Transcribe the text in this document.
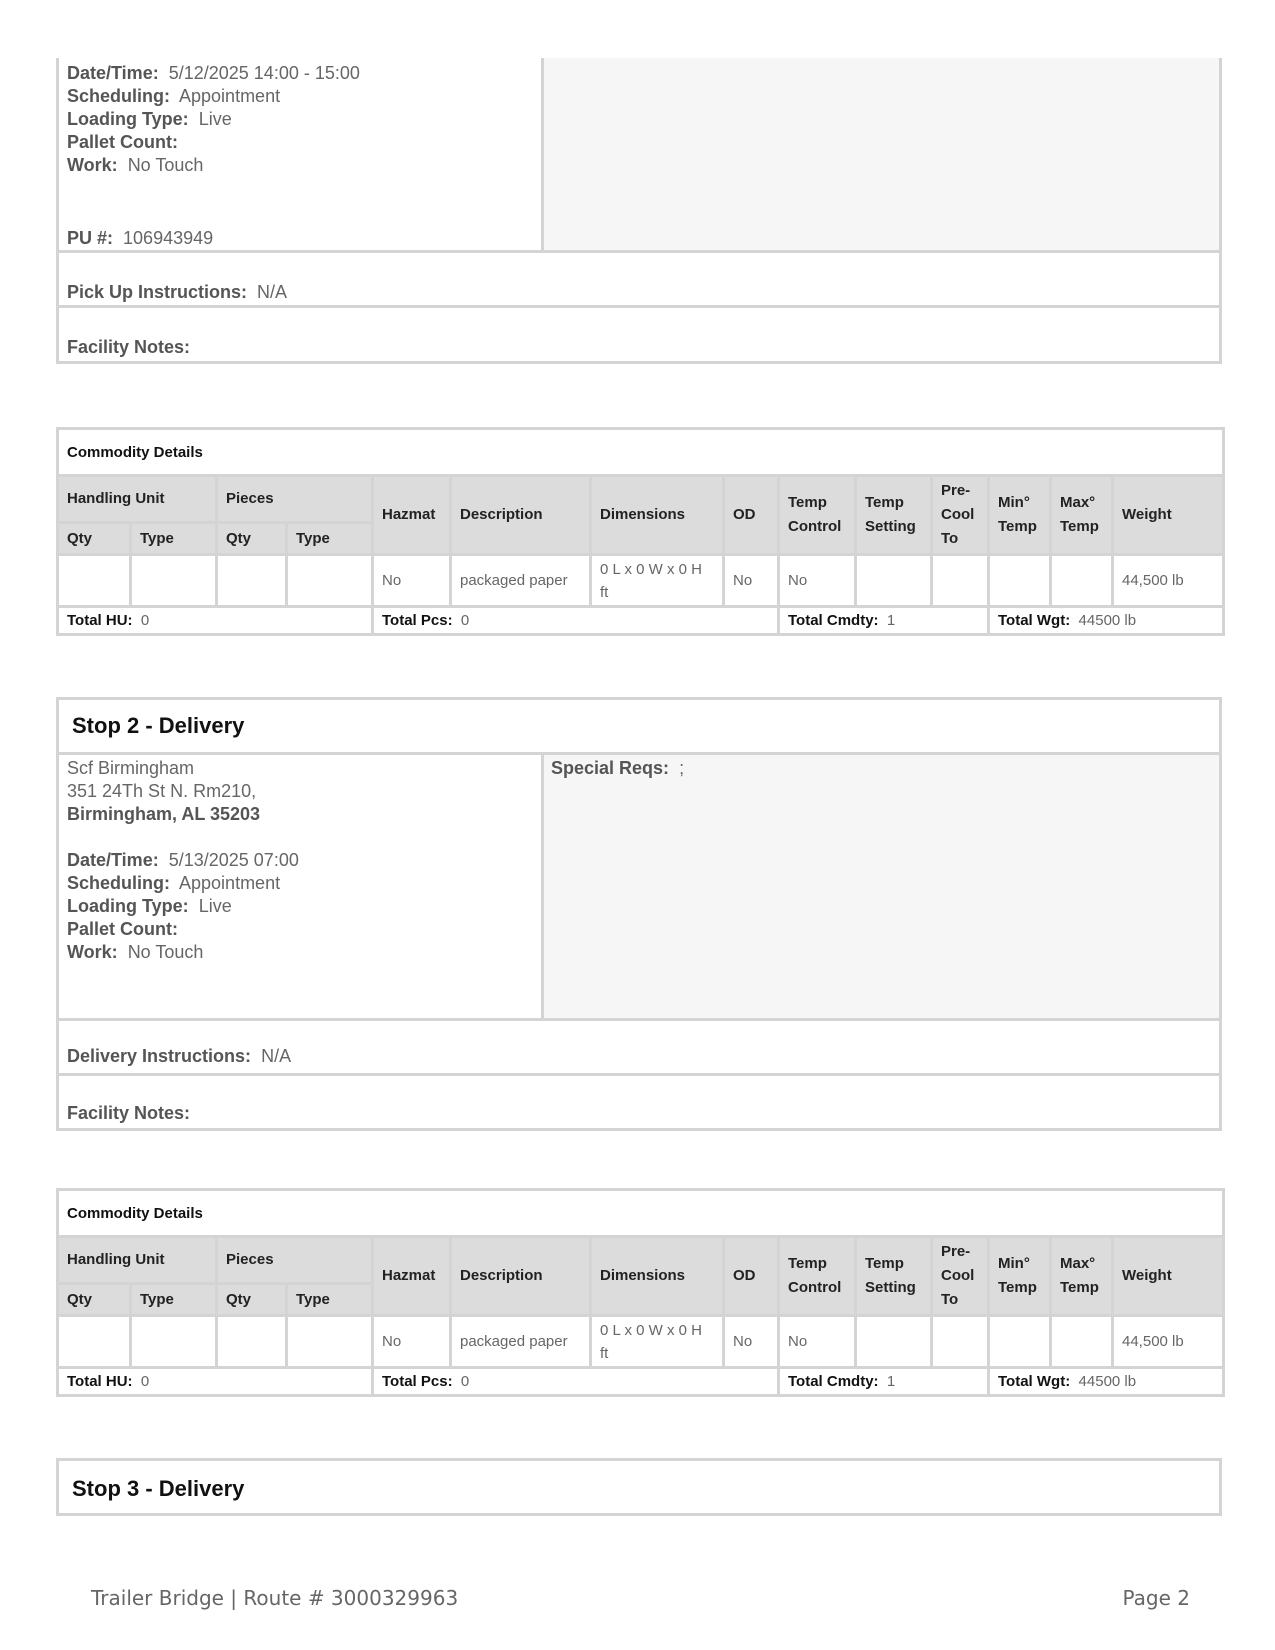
Date/Time: 5/12/2025 14:00 - 15:00
Scheduling: Appointment
Loading Type: Live
Pallet Count:
Work: No Touch
PU #: 106943949
Pick Up Instructions: N/A
Facility Notes:
Commodity Details													
Handling Unit		Pieces		Hazmat	Description	Dimensions	OD	Temp Control	Temp Setting	Pre-Cool To	Min° Temp	Max° Temp	Weight
Qty	Type	Qty	Type										
				No	packaged paper	0 L x 0 W x 0 H ft	No	No					44,500 lb
Total HU: 0				Total Pcs: 0				Total Cmdty: 1			Total Wgt: 44500 lb		
Stop 2 - Delivery
Scf Birmingham
351 24Th St N. Rm210,
Birmingham, AL 35203
Date/Time: 5/13/2025 07:00
Scheduling: Appointment
Loading Type: Live
Pallet Count:
Work: No Touch
Special Reqs: ;
Delivery Instructions: N/A
Facility Notes:
Commodity Details													
Handling Unit		Pieces		Hazmat	Description	Dimensions	OD	Temp Control	Temp Setting	Pre-Cool To	Min° Temp	Max° Temp	Weight
Qty	Type	Qty	Type										
				No	packaged paper	0 L x 0 W x 0 H ft	No	No					44,500 lb
Total HU: 0				Total Pcs: 0				Total Cmdty: 1			Total Wgt: 44500 lb		
Stop 3 - Delivery
Trailer Bridge | Route # 3000329963	Page 2
